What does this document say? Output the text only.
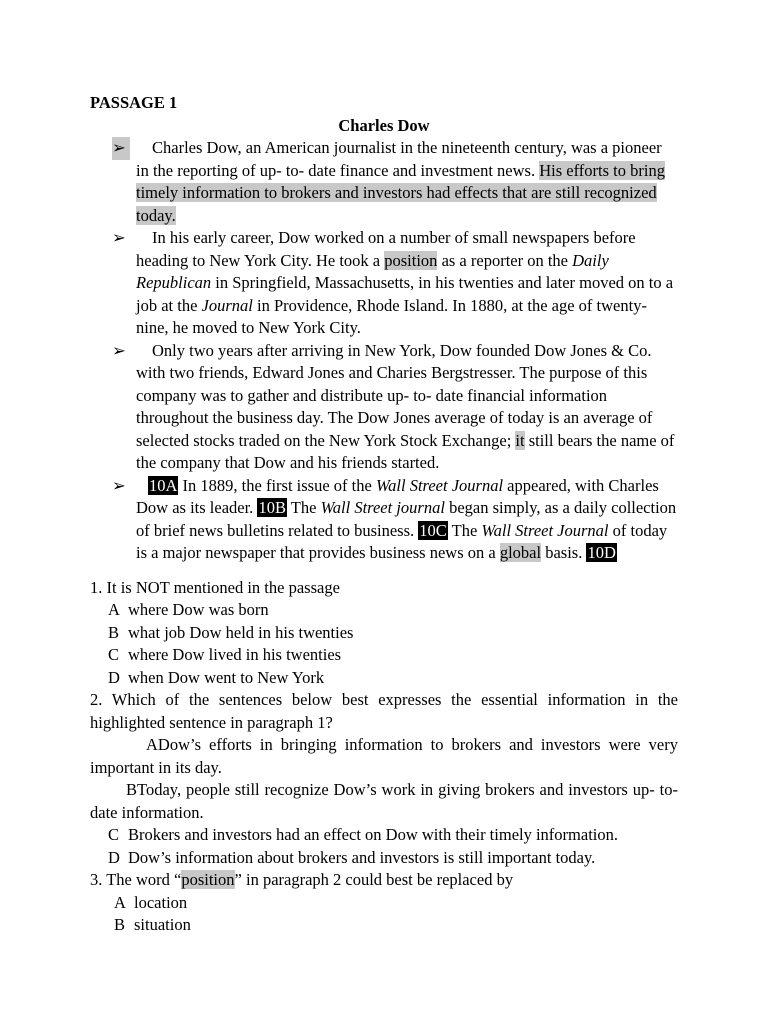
PASSAGE 1

Charles Dow

➢ Charles Dow, an American journalist in the nineteenth century, was a pioneer in the reporting of up- to- date finance and investment news. His efforts to bring timely information to brokers and investors had effects that are still recognized today.
➢ In his early career, Dow worked on a number of small newspapers before heading to New York City. He took a position as a reporter on the Daily Republican in Springfield, Massachusetts, in his twenties and later moved on to a job at the Journal in Providence, Rhode Island. In 1880, at the age of twenty- nine, he moved to New York City.
➢ Only two years after arriving in New York, Dow founded Dow Jones & Co. with two friends, Edward Jones and Charies Bergstresser. The purpose of this company was to gather and distribute up- to- date financial information throughout the business day. The Dow Jones average of today is an average of selected stocks traded on the New York Stock Exchange; it still bears the name of the company that Dow and his friends started.
➢ 10A In 1889, the first issue of the Wall Street Journal appeared, with Charles Dow as its leader. 10B The Wall Street journal began simply, as a daily collection of brief news bulletins related to business. 10C The Wall Street Journal of today is a major newspaper that provides business news on a global basis. 10D

1. It is NOT mentioned in the passage

A where Dow was born

B what job Dow held in his twenties

C where Dow lived in his twenties

D when Dow went to New York

2. Which of the sentences below best expresses the essential information in the highlighted sentence in paragraph 1?

ADow’s efforts in bringing information to brokers and investors were very important in its day.

BToday, people still recognize Dow’s work in giving brokers and investors up- to- date information.

C Brokers and investors had an effect on Dow with their timely information.

D Dow’s information about brokers and investors is still important today.

3. The word “position” in paragraph 2 could best be replaced by

A location

B situation
